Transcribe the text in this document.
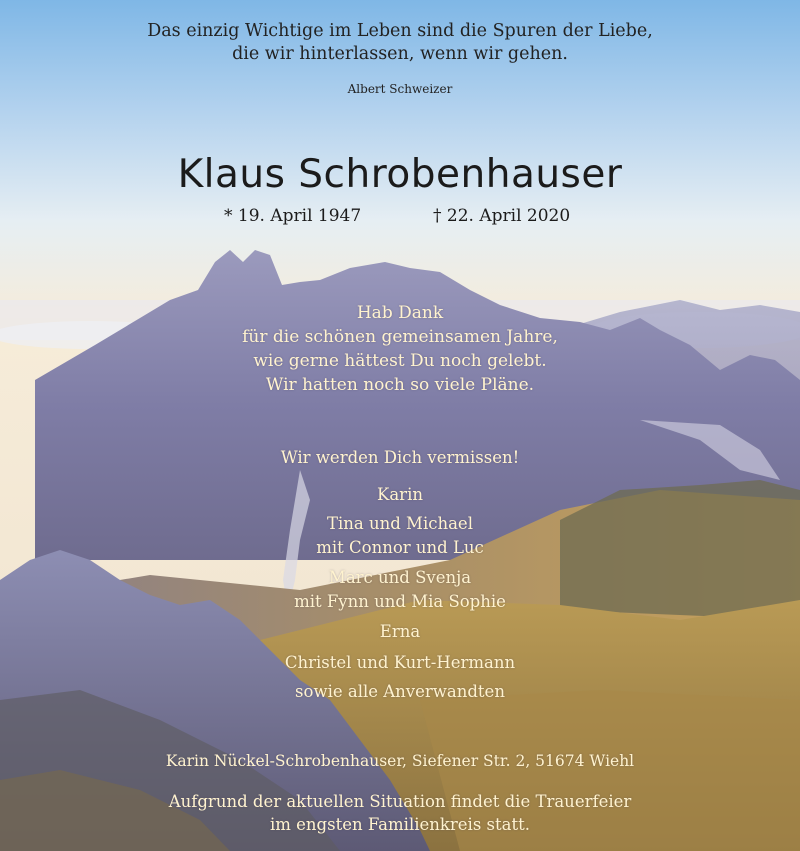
Das einzig Wichtige im Leben sind die Spuren der Liebe,

die wir hinterlassen, wenn wir gehen.

Albert Schweizer

Klaus Schrobenhauser
* 19. April 1947	† 22. April 2020
Hab Dank
für die schönen gemeinsamen Jahre,
wie gerne hättest Du noch gelebt.
Wir hatten noch so viele Pläne.

Wir werden Dich vermissen!

Karin

Tina und Michael

mit Connor und Luc

Marc und Svenja

mit Fynn und Mia Sophie

Erna

Christel und Kurt-Hermann

sowie alle Anverwandten

Karin Nückel-Schrobenhauser, Siefener Str. 2, 51674 Wiehl

Aufgrund der aktuellen Situation findet die Trauerfeier

im engsten Familienkreis statt.
